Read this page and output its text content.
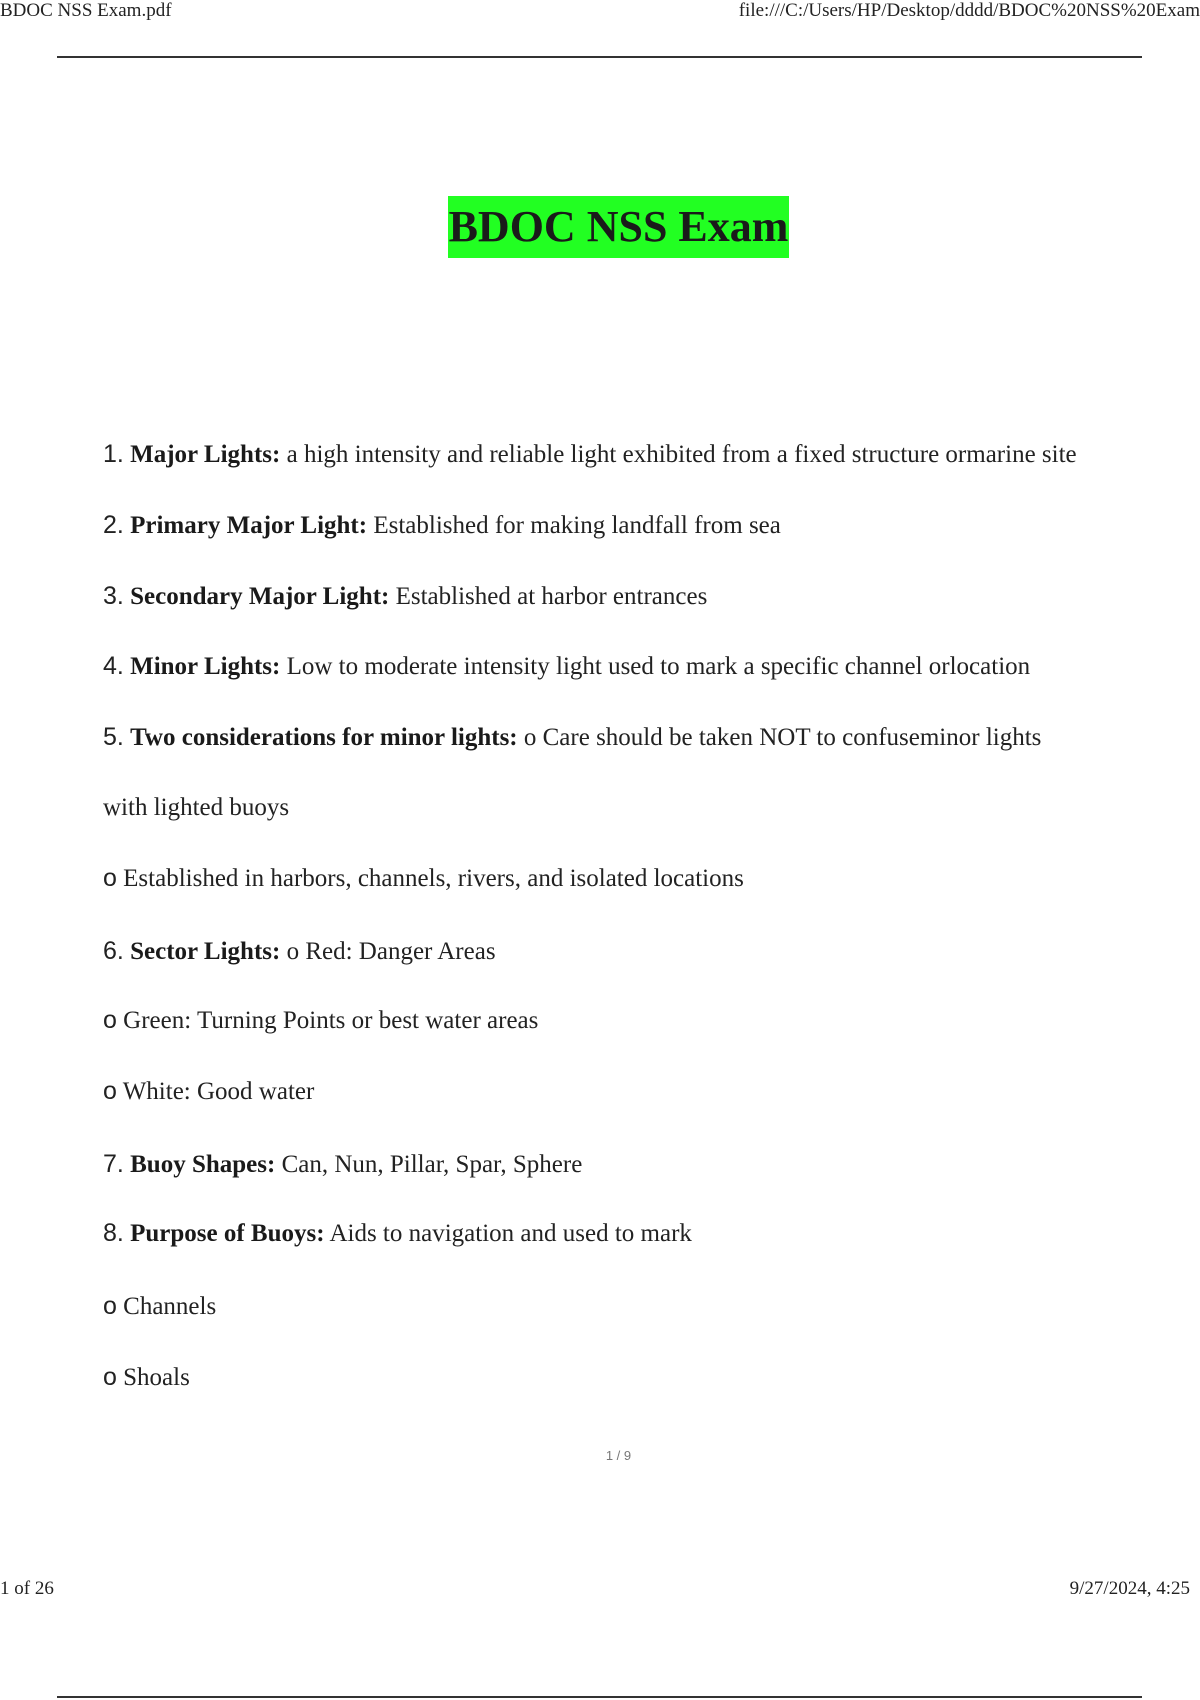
BDOC NSS Exam.pdf	file:///C:/Users/HP/Desktop/dddd/BDOC%20NSS%20Exam
BDOC NSS Exam
1. Major Lights: a high intensity and reliable light exhibited from a fixed structure ormarine site
2. Primary Major Light: Established for making landfall from sea
3. Secondary Major Light: Established at harbor entrances
4. Minor Lights: Low to moderate intensity light used to mark a specific channel orlocation
5. Two considerations for minor lights: o Care should be taken NOT to confuseminor lights
with lighted buoys
o Established in harbors, channels, rivers, and isolated locations
6. Sector Lights: o Red: Danger Areas
o Green: Turning Points or best water areas
o White: Good water
7. Buoy Shapes: Can, Nun, Pillar, Spar, Sphere
8. Purpose of Buoys: Aids to navigation and used to mark
o Channels
o Shoals
1 / 9
1 of 26	9/27/2024, 4:25
